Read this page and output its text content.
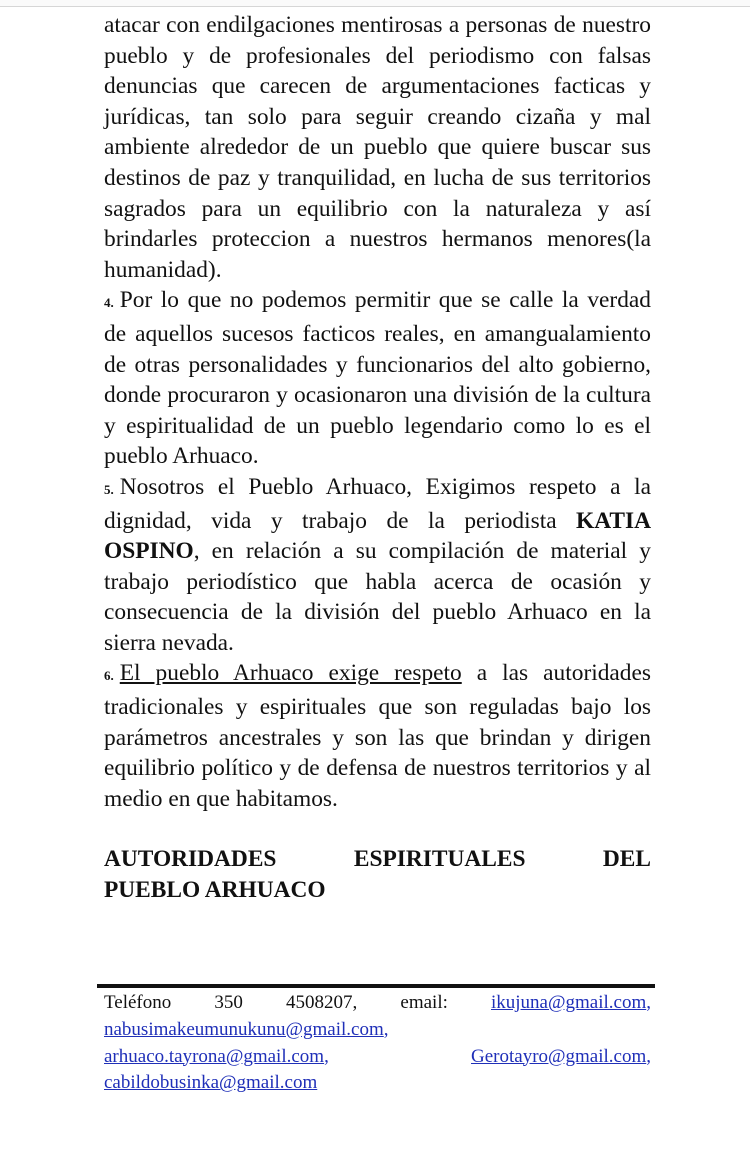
atacar con endilgaciones mentirosas a personas de nuestro pueblo y de profesionales del periodismo con falsas denuncias que carecen de argumentaciones facticas y jurídicas, tan solo para seguir creando cizaña y mal ambiente alrededor de un pueblo que quiere buscar sus destinos de paz y tranquilidad, en lucha de sus territorios sagrados para un equilibrio con la naturaleza y así brindarles proteccion a nuestros hermanos menores(la humanidad).

4. Por lo que no podemos permitir que se calle la verdad de aquellos sucesos facticos reales, en amangualamiento de otras personalidades y funcionarios del alto gobierno, donde procuraron y ocasionaron una división de la cultura y espiritualidad de un pueblo legendario como lo es el pueblo Arhuaco.

5. Nosotros el Pueblo Arhuaco, Exigimos respeto a la dignidad, vida y trabajo de la periodista KATIA OSPINO, en relación a su compilación de material y trabajo periodístico que habla acerca de ocasión y consecuencia de la división del pueblo Arhuaco en la sierra nevada.

6. El pueblo Arhuaco exige respeto a las autoridades tradicionales y espirituales que son reguladas bajo los parámetros ancestrales y son las que brindan y dirigen equilibrio político y de defensa de nuestros territorios y al medio en que habitamos.

AUTORIDADES	ESPIRITUALES	DEL
PUEBLO ARHUACO
Teléfono 350 4508207, email: ikujuna@gmail.com,
nabusimakeumunukunu@gmail.com,
arhuaco.tayrona@gmail.com,	Gerotayro@gmail.com,
cabildobusinka@gmail.com
